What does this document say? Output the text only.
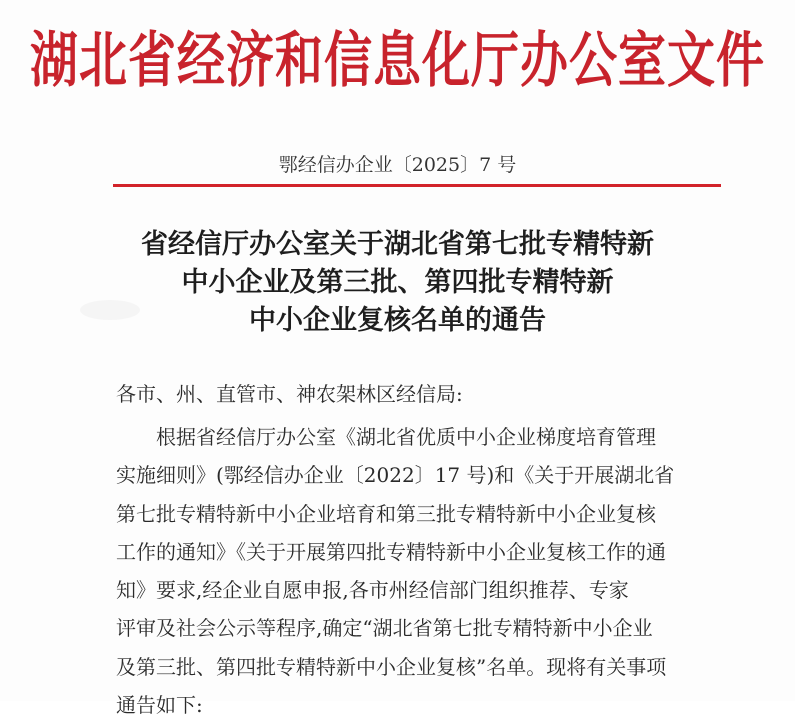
湖北省经济和信息化厅办公室文件
鄂经信办企业〔2025〕7 号
省经信厅办公室关于湖北省第七批专精特新
中小企业及第三批、第四批专精特新
中小企业复核名单的通告
各市、州、直管市、神农架林区经信局:
根据省经信厅办公室《湖北省优质中小企业梯度培育管理
实施细则》(鄂经信办企业〔2022〕17 号)和《关于开展湖北省
第七批专精特新中小企业培育和第三批专精特新中小企业复核
工作的通知》《关于开展第四批专精特新中小企业复核工作的通
知》要求,经企业自愿申报,各市州经信部门组织推荐、专家
评审及社会公示等程序,确定“湖北省第七批专精特新中小企业
及第三批、第四批专精特新中小企业复核”名单。现将有关事项
通告如下:
